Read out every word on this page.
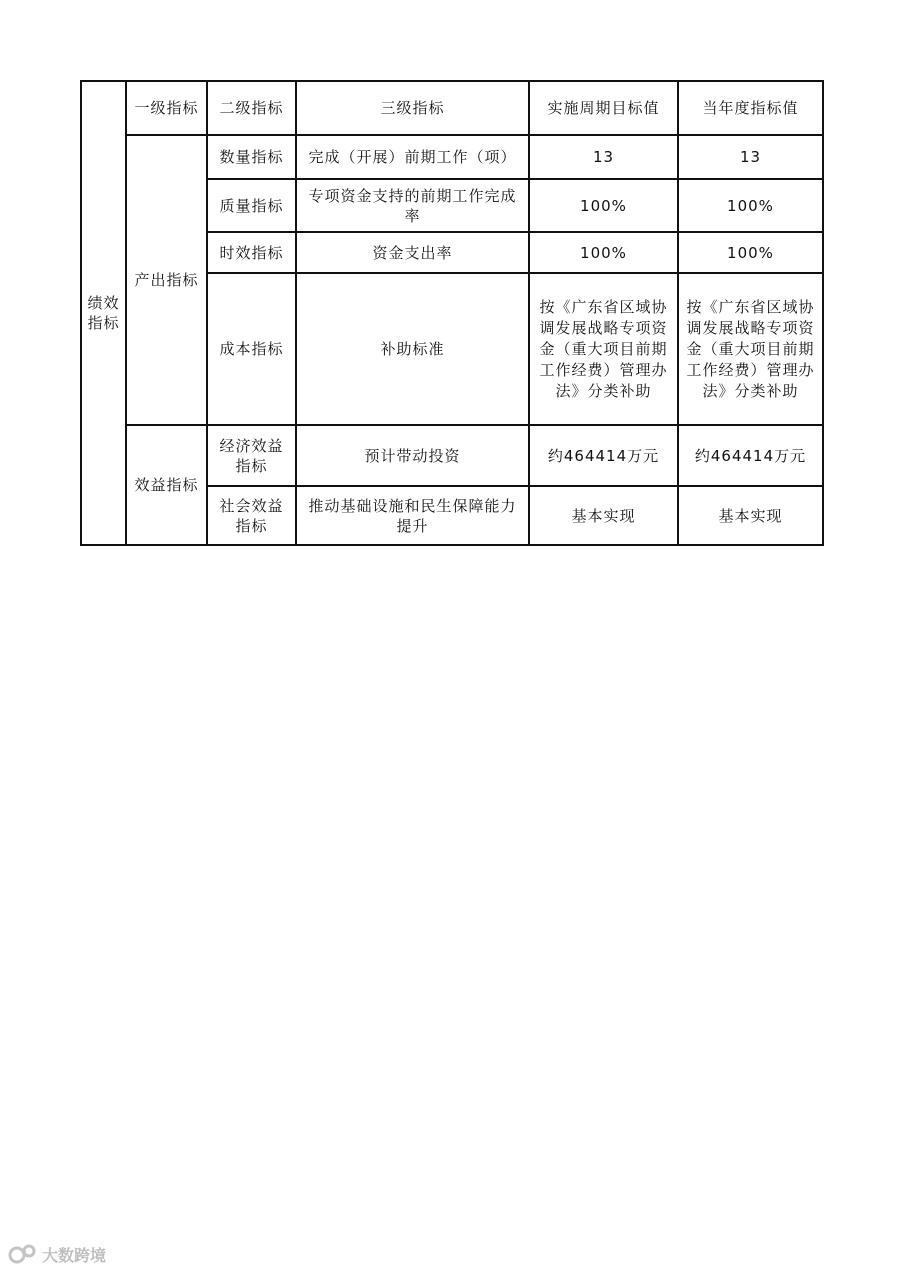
绩效指标	一级指标	二级指标	三级指标	实施周期目标值	当年度指标值
	产出指标	数量指标	完成（开展）前期工作（项）	13	13
		质量指标	专项资金支持的前期工作完成率	100%	100%
		时效指标	资金支出率	100%	100%
		成本指标	补助标准	按《广东省区域协调发展战略专项资金（重大项目前期工作经费）管理办法》分类补助	按《广东省区域协调发展战略专项资金（重大项目前期工作经费）管理办法》分类补助
	效益指标	经济效益指标	预计带动投资	约464414万元	约464414万元
		社会效益指标	推动基础设施和民生保障能力提升	基本实现	基本实现
大数跨境
